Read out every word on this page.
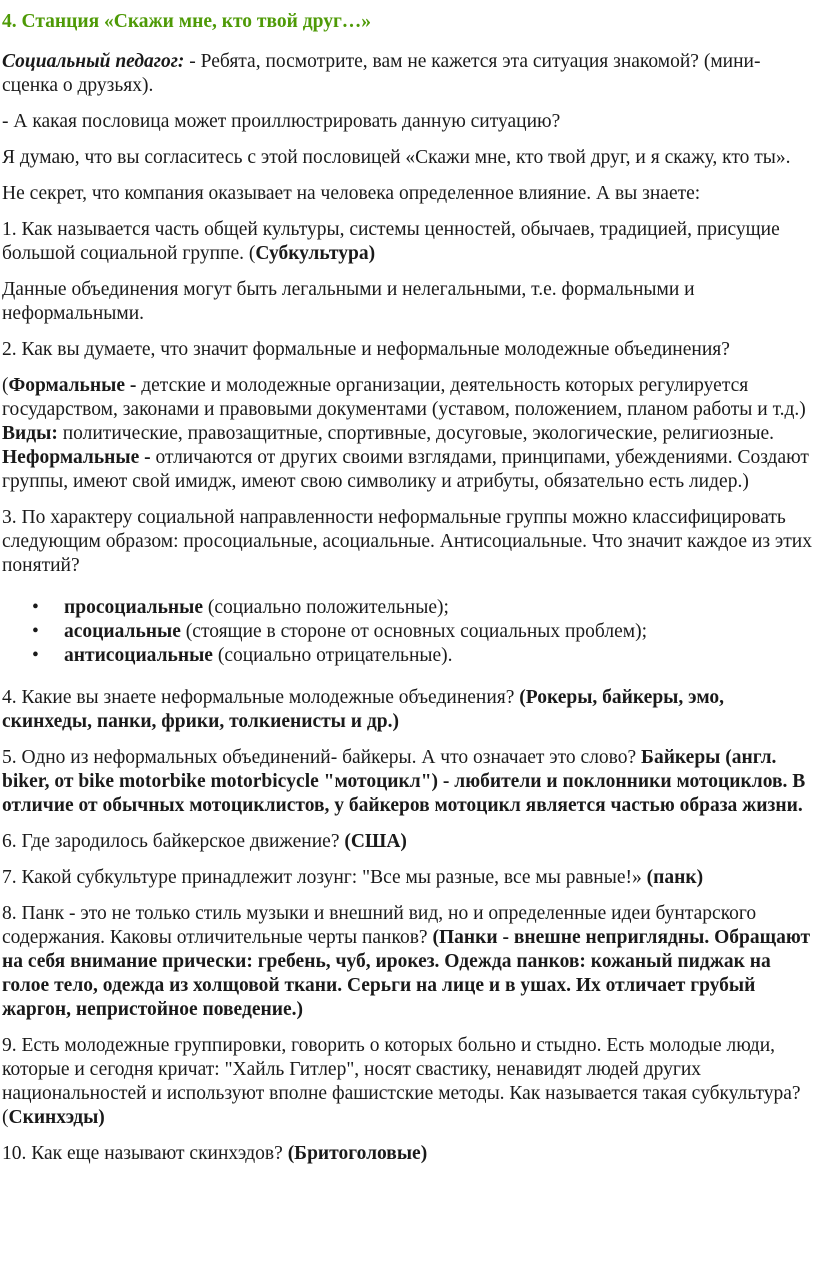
4. Станция «Скажи мне, кто твой друг…»

Социальный педагог: - Ребята, посмотрите, вам не кажется эта ситуация знакомой? (мини-сценка о друзьях).

- А какая пословица может проиллюстрировать данную ситуацию?

Я думаю, что вы согласитесь с этой пословицей «Скажи мне, кто твой друг, и я скажу, кто ты».

Не секрет, что компания оказывает на человека определенное влияние. А вы знаете:

1. Как называется часть общей культуры, системы ценностей, обычаев, традицией, присущие большой социальной группе. (Субкультура)

Данные объединения могут быть легальными и нелегальными, т.е. формальными и неформальными.

2. Как вы думаете, что значит формальные и неформальные молодежные объединения?

(Формальные - детские и молодежные организации, деятельность которых регулируется государством, законами и правовыми документами (уставом, положением, планом работы и т.д.) Виды: политические, правозащитные, спортивные, досуговые, экологические, религиозные. Неформальные - отличаются от других своими взглядами, принципами, убеждениями. Создают группы, имеют свой имидж, имеют свою символику и атрибуты, обязательно есть лидер.)

3. По характеру социальной направленности неформальные группы можно классифицировать следующим образом: просоциальные, асоциальные. Антисоциальные. Что значит каждое из этих понятий?

• просоциальные (социально положительные);
• асоциальные (стоящие в стороне от основных социальных проблем);
• антисоциальные (социально отрицательные).

4. Какие вы знаете неформальные молодежные объединения? (Рокеры, байкеры, эмо, скинхеды, панки, фрики, толкиенисты и др.)

5. Одно из неформальных объединений- байкеры. А что означает это слово? Байкеры (англ. biker, от bike motorbike motorbicycle "мотоцикл") - любители и поклонники мотоциклов. В отличие от обычных мотоциклистов, у байкеров мотоцикл является частью образа жизни.

6. Где зародилось байкерское движение? (США)

7. Какой субкультуре принадлежит лозунг: "Все мы разные, все мы равные!» (панк)

8. Панк - это не только стиль музыки и внешний вид, но и определенные идеи бунтарского содержания. Каковы отличительные черты панков? (Панки - внешне неприглядны. Обращают на себя внимание прически: гребень, чуб, ирокез. Одежда панков: кожаный пиджак на голое тело, одежда из холщовой ткани. Серьги на лице и в ушах. Их отличает грубый жаргон, непристойное поведение.)

9. Есть молодежные группировки, говорить о которых больно и стыдно. Есть молодые люди, которые и сегодня кричат: "Хайль Гитлер", носят свастику, ненавидят людей других национальностей и используют вполне фашистские методы. Как называется такая субкультура? (Скинхэды)

10. Как еще называют скинхэдов? (Бритоголовые)
